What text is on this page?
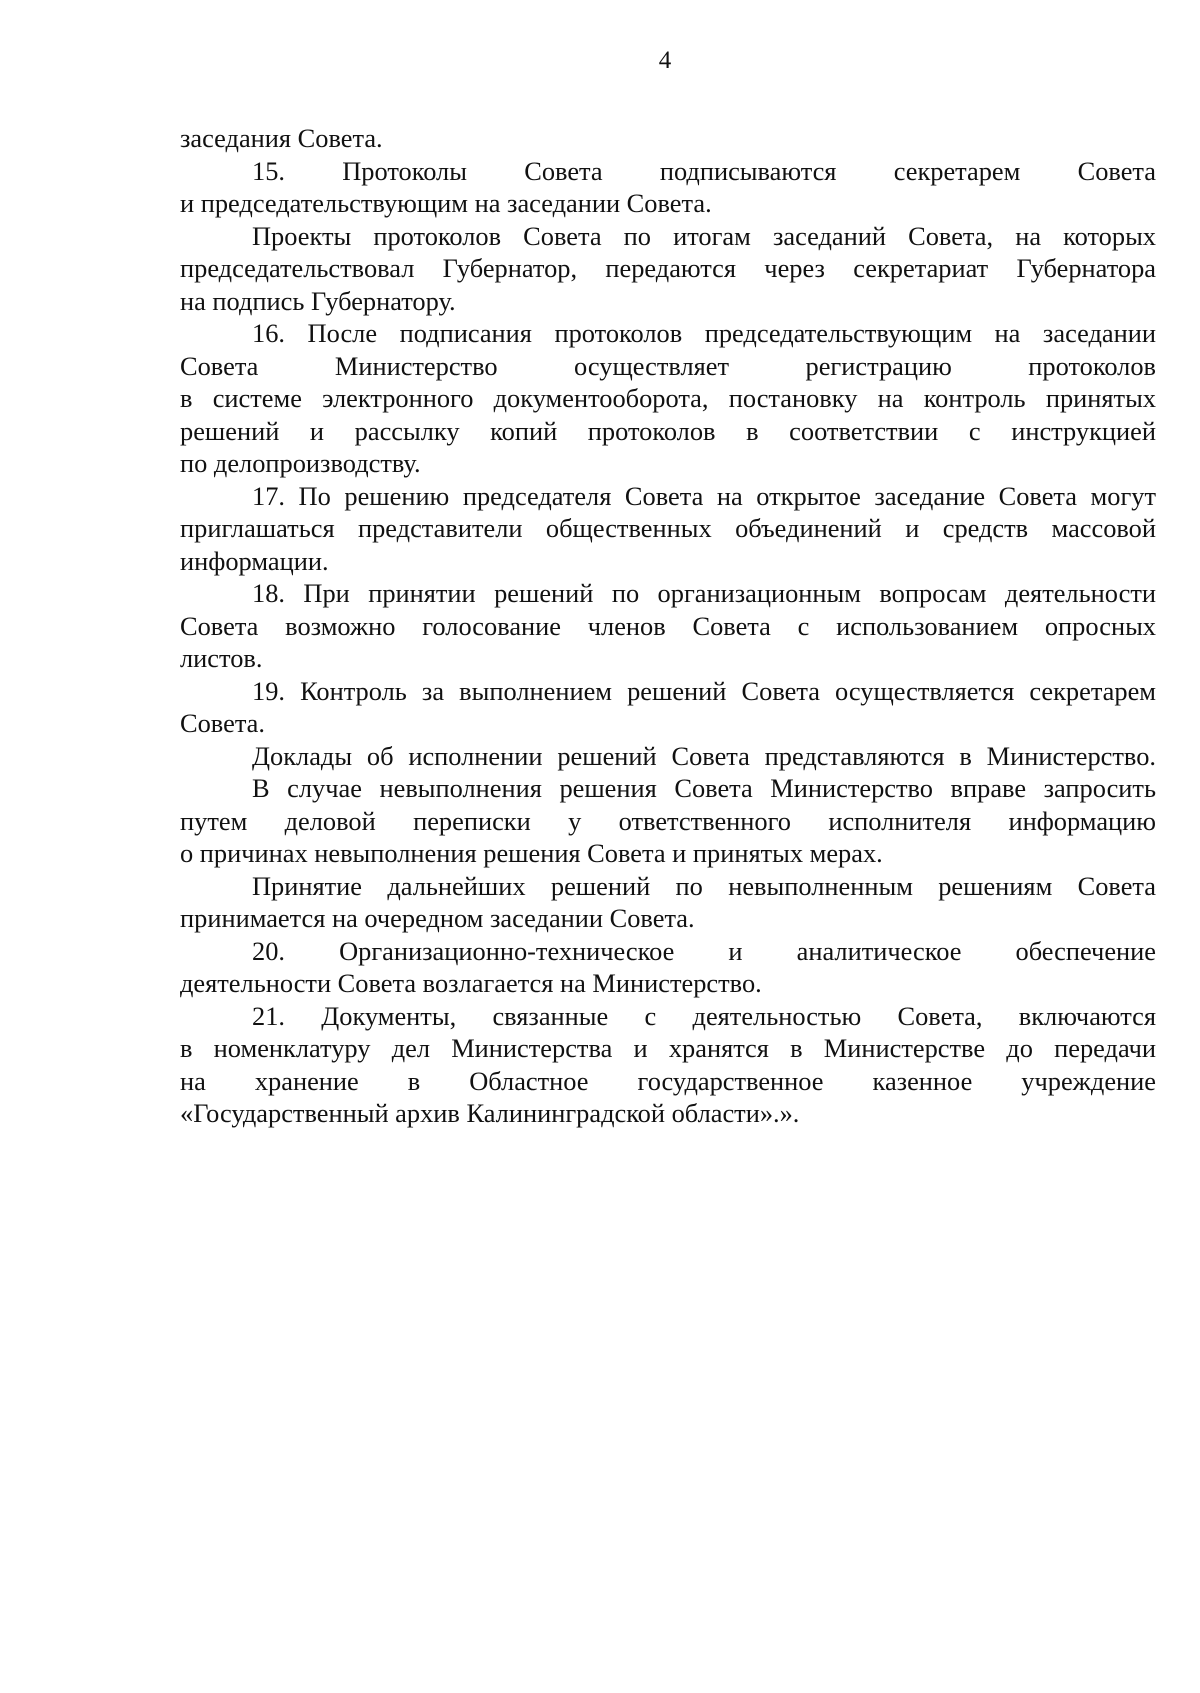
4
заседания Совета.
15. Протоколы Совета подписываются секретарем Совета
и председательствующим на заседании Совета.
Проекты протоколов Совета по итогам заседаний Совета, на которых
председательствовал Губернатор, передаются через секретариат Губернатора
на подпись Губернатору.
16. После подписания протоколов председательствующим на заседании
Совета Министерство осуществляет регистрацию протоколов
в системе электронного документооборота, постановку на контроль принятых
решений и рассылку копий протоколов в соответствии с инструкцией
по делопроизводству.
17. По решению председателя Совета на открытое заседание Совета могут
приглашаться представители общественных объединений и средств массовой
информации.
18. При принятии решений по организационным вопросам деятельности
Совета возможно голосование членов Совета с использованием опросных
листов.
19. Контроль за выполнением решений Совета осуществляется секретарем
Совета.
Доклады об исполнении решений Совета представляются в Министерство.
В случае невыполнения решения Совета Министерство вправе запросить
путем деловой переписки у ответственного исполнителя информацию
о причинах невыполнения решения Совета и принятых мерах.
Принятие дальнейших решений по невыполненным решениям Совета
принимается на очередном заседании Совета.
20. Организационно-техническое и аналитическое обеспечение
деятельности Совета возлагается на Министерство.
21. Документы, связанные с деятельностью Совета, включаются
в номенклатуру дел Министерства и хранятся в Министерстве до передачи
на хранение в Областное государственное казенное учреждение
«Государственный архив Калининградской области».».
